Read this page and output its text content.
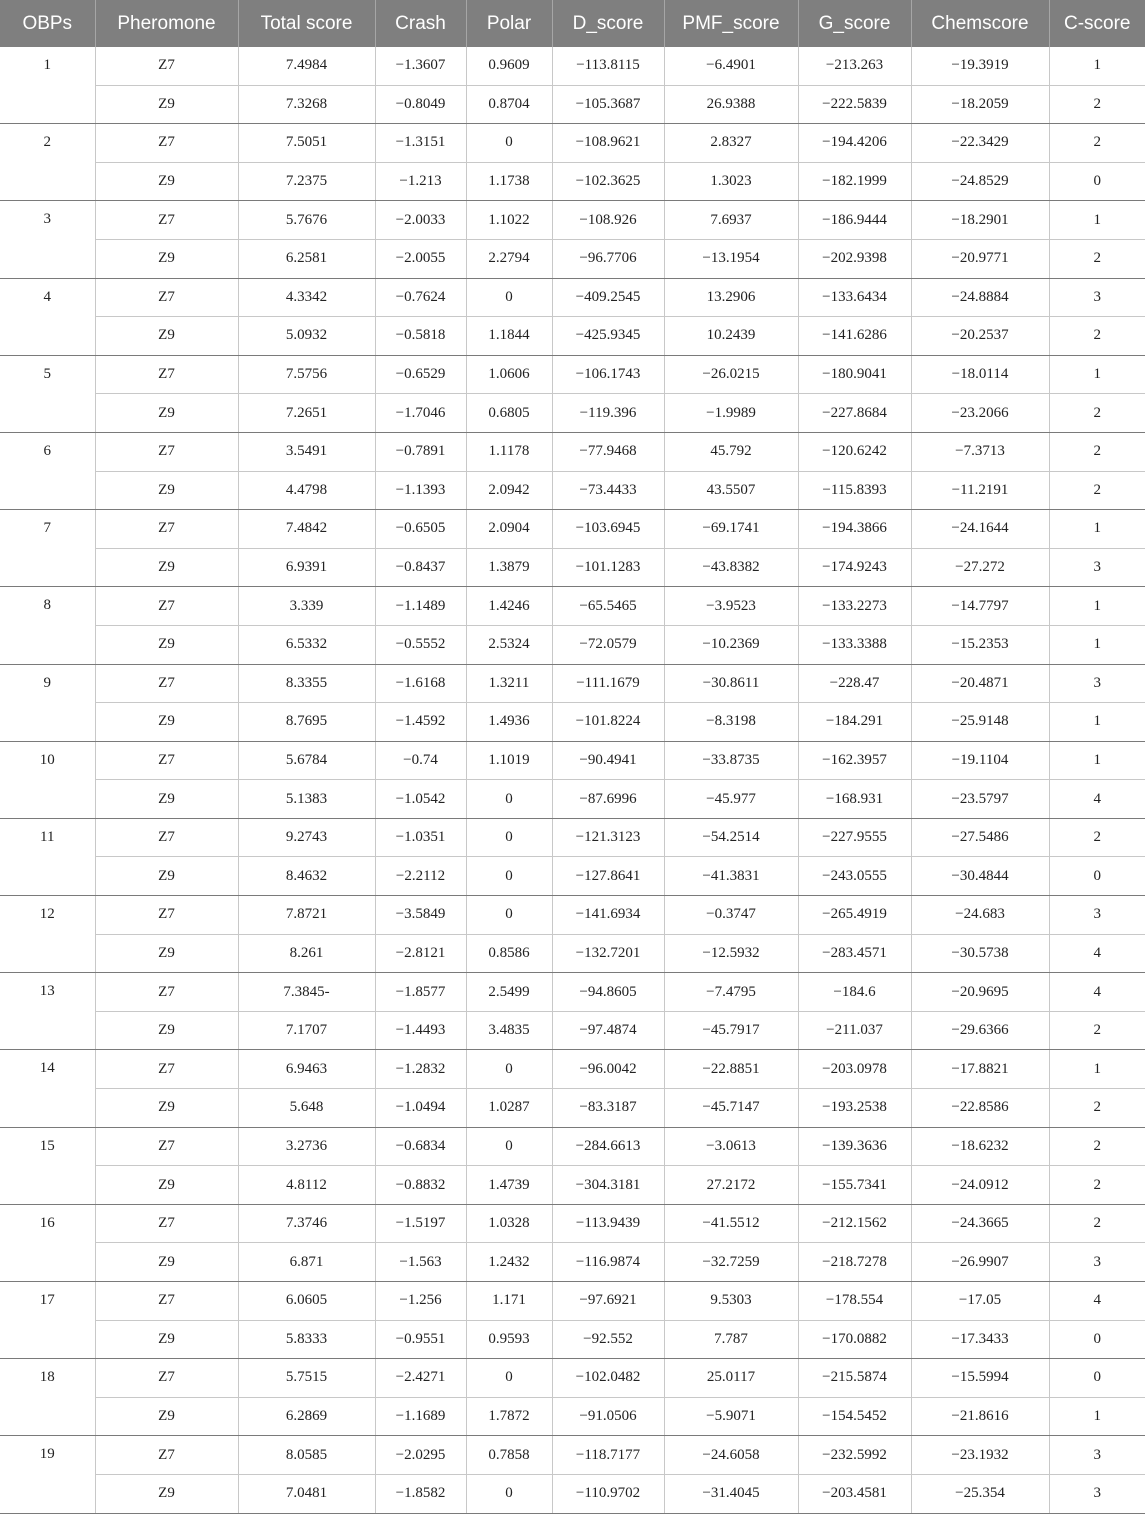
OBPs	Pheromone	Total score	Crash	Polar	D_score	PMF_score	G_score	Chemscore	C-score
1	Z7	7.4984	−1.3607	0.9609	−113.8115	−6.4901	−213.263	−19.3919	1
	Z9	7.3268	−0.8049	0.8704	−105.3687	26.9388	−222.5839	−18.2059	2
2	Z7	7.5051	−1.3151	0	−108.9621	2.8327	−194.4206	−22.3429	2
	Z9	7.2375	−1.213	1.1738	−102.3625	1.3023	−182.1999	−24.8529	0
3	Z7	5.7676	−2.0033	1.1022	−108.926	7.6937	−186.9444	−18.2901	1
	Z9	6.2581	−2.0055	2.2794	−96.7706	−13.1954	−202.9398	−20.9771	2
4	Z7	4.3342	−0.7624	0	−409.2545	13.2906	−133.6434	−24.8884	3
	Z9	5.0932	−0.5818	1.1844	−425.9345	10.2439	−141.6286	−20.2537	2
5	Z7	7.5756	−0.6529	1.0606	−106.1743	−26.0215	−180.9041	−18.0114	1
	Z9	7.2651	−1.7046	0.6805	−119.396	−1.9989	−227.8684	−23.2066	2
6	Z7	3.5491	−0.7891	1.1178	−77.9468	45.792	−120.6242	−7.3713	2
	Z9	4.4798	−1.1393	2.0942	−73.4433	43.5507	−115.8393	−11.2191	2
7	Z7	7.4842	−0.6505	2.0904	−103.6945	−69.1741	−194.3866	−24.1644	1
	Z9	6.9391	−0.8437	1.3879	−101.1283	−43.8382	−174.9243	−27.272	3
8	Z7	3.339	−1.1489	1.4246	−65.5465	−3.9523	−133.2273	−14.7797	1
	Z9	6.5332	−0.5552	2.5324	−72.0579	−10.2369	−133.3388	−15.2353	1
9	Z7	8.3355	−1.6168	1.3211	−111.1679	−30.8611	−228.47	−20.4871	3
	Z9	8.7695	−1.4592	1.4936	−101.8224	−8.3198	−184.291	−25.9148	1
10	Z7	5.6784	−0.74	1.1019	−90.4941	−33.8735	−162.3957	−19.1104	1
	Z9	5.1383	−1.0542	0	−87.6996	−45.977	−168.931	−23.5797	4
11	Z7	9.2743	−1.0351	0	−121.3123	−54.2514	−227.9555	−27.5486	2
	Z9	8.4632	−2.2112	0	−127.8641	−41.3831	−243.0555	−30.4844	0
12	Z7	7.8721	−3.5849	0	−141.6934	−0.3747	−265.4919	−24.683	3
	Z9	8.261	−2.8121	0.8586	−132.7201	−12.5932	−283.4571	−30.5738	4
13	Z7	7.3845-	−1.8577	2.5499	−94.8605	−7.4795	−184.6	−20.9695	4
	Z9	7.1707	−1.4493	3.4835	−97.4874	−45.7917	−211.037	−29.6366	2
14	Z7	6.9463	−1.2832	0	−96.0042	−22.8851	−203.0978	−17.8821	1
	Z9	5.648	−1.0494	1.0287	−83.3187	−45.7147	−193.2538	−22.8586	2
15	Z7	3.2736	−0.6834	0	−284.6613	−3.0613	−139.3636	−18.6232	2
	Z9	4.8112	−0.8832	1.4739	−304.3181	27.2172	−155.7341	−24.0912	2
16	Z7	7.3746	−1.5197	1.0328	−113.9439	−41.5512	−212.1562	−24.3665	2
	Z9	6.871	−1.563	1.2432	−116.9874	−32.7259	−218.7278	−26.9907	3
17	Z7	6.0605	−1.256	1.171	−97.6921	9.5303	−178.554	−17.05	4
	Z9	5.8333	−0.9551	0.9593	−92.552	7.787	−170.0882	−17.3433	0
18	Z7	5.7515	−2.4271	0	−102.0482	25.0117	−215.5874	−15.5994	0
	Z9	6.2869	−1.1689	1.7872	−91.0506	−5.9071	−154.5452	−21.8616	1
19	Z7	8.0585	−2.0295	0.7858	−118.7177	−24.6058	−232.5992	−23.1932	3
	Z9	7.0481	−1.8582	0	−110.9702	−31.4045	−203.4581	−25.354	3
